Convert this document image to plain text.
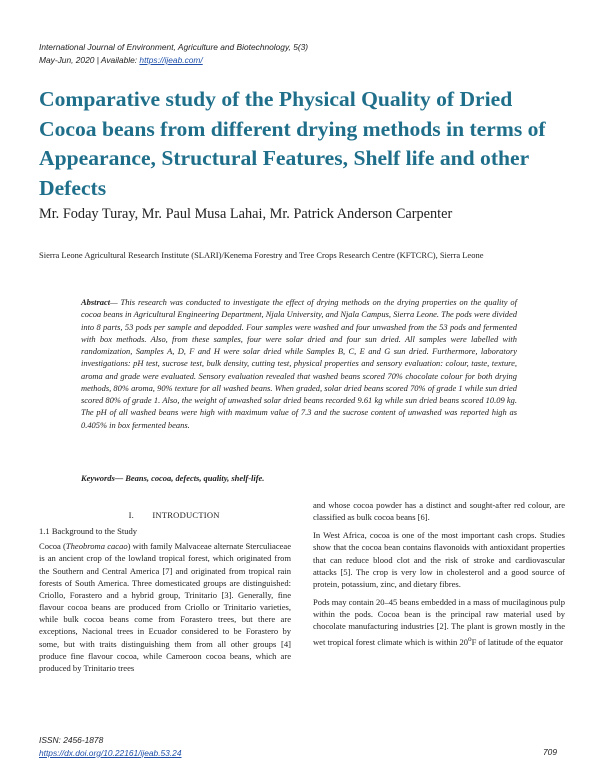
International Journal of Environment, Agriculture and Biotechnology, 5(3)
May-Jun, 2020 | Available: https://ijeab.com/
Comparative study of the Physical Quality of Dried Cocoa beans from different drying methods in terms of Appearance, Structural Features, Shelf life and other Defects

Mr. Foday Turay, Mr. Paul Musa Lahai, Mr. Patrick Anderson Carpenter

Sierra Leone Agricultural Research Institute (SLARI)/Kenema Forestry and Tree Crops Research Centre (KFTCRC), Sierra Leone

Abstract— This research was conducted to investigate the effect of drying methods on the drying properties on the quality of cocoa beans in Agricultural Engineering Department, Njala University, and Njala Campus, Sierra Leone. The pods were divided into 8 parts, 53 pods per sample and depodded. Four samples were washed and four unwashed from the 53 pods and fermented with box methods. Also, from these samples, four were solar dried and four sun dried. All samples were labelled with randomization, Samples A, D, F and H were solar dried while Samples B, C, E and G sun dried. Furthermore, laboratory investigations: pH test, sucrose test, bulk density, cutting test, physical properties and sensory evaluation: colour, taste, texture, aroma and grade were evaluated. Sensory evaluation revealed that washed beans scored 70% chocolate colour for both drying methods, 80% aroma, 90% texture for all washed beans. When graded, solar dried beans scored 70% of grade 1 while sun dried scored 80% of grade 1. Also, the weight of unwashed solar dried beans recorded 9.61 kg while sun dried beans scored 10.09 kg. The pH of all washed beans were high with maximum value of 7.3 and the sucrose content of unwashed was reported high as 0.405% in box fermented beans.

Keywords— Beans, cocoa, defects, quality, shelf-life.

I. INTRODUCTION

1.1 Background to the Study

Cocoa (Theobroma cacao) with family Malvaceae alternate Sterculiaceae is an ancient crop of the lowland tropical forest, which originated from the Southern and Central America [7] and originated from tropical rain forests of South America. Three domesticated groups are distinguished: Criollo, Forastero and a hybrid group, Trinitario [3]. Generally, fine flavour cocoa beans are produced from Criollo or Trinitario varieties, while bulk cocoa beans come from Forastero trees, but there are exceptions, Nacional trees in Ecuador considered to be Forastero by some, but with traits distinguishing them from all other groups [4] produce fine flavour cocoa, while Cameroon cocoa beans, which are produced by Trinitario trees

and whose cocoa powder has a distinct and sought-after red colour, are classified as bulk cocoa beans [6].

In West Africa, cocoa is one of the most important cash crops. Studies show that the cocoa bean contains flavonoids with antioxidant properties that can reduce blood clot and the risk of stroke and cardiovascular attacks [5]. The crop is very low in cholesterol and a good source of protein, potassium, zinc, and dietary fibres.

Pods may contain 20–45 beans embedded in a mass of mucilaginous pulp within the pods. Cocoa bean is the principal raw material used by chocolate manufacturing industries [2]. The plant is grown mostly in the wet tropical forest climate which is within 20$^o$F of latitude of the equator

ISSN: 2456-1878
https://dx.doi.org/10.22161/ijeab.53.24	709
